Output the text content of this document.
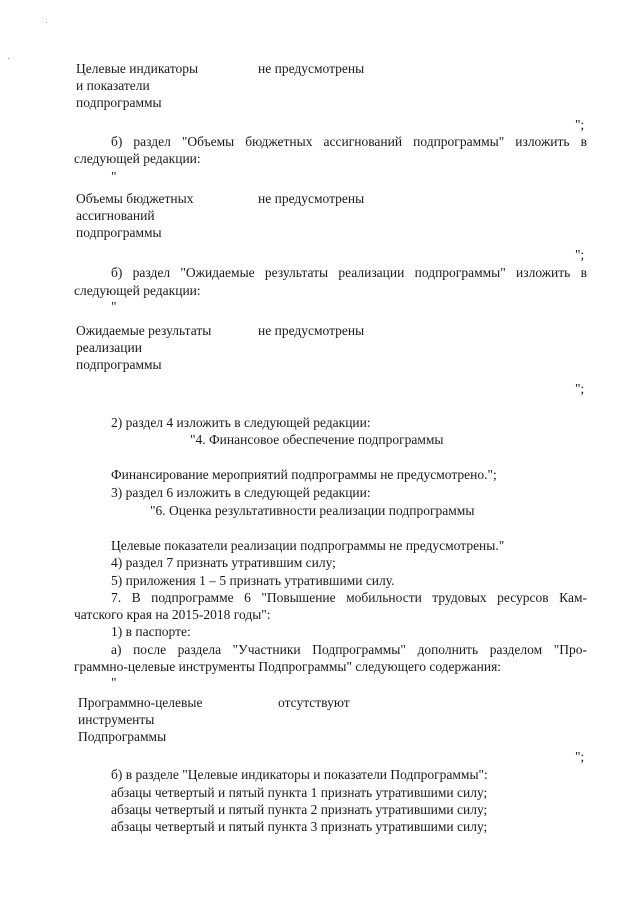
Целевые индикаторы
и показатели
подпрограммы
не предусмотрены
";
б) раздел "Объемы бюджетных ассигнований подпрограммы" изложить в
следующей редакции:
"
Объемы бюджетных
ассигнований
подпрограммы
не предусмотрены
";
б) раздел "Ожидаемые результаты реализации подпрограммы" изложить в
следующей редакции:
"
Ожидаемые результаты
реализации
подпрограммы
не предусмотрены
";
2) раздел 4 изложить в следующей редакции:
"4. Финансовое обеспечение подпрограммы
Финансирование мероприятий подпрограммы не предусмотрено.";
3) раздел 6 изложить в следующей редакции:
"6. Оценка результативности реализации подпрограммы
Целевые показатели реализации подпрограммы не предусмотрены."
4) раздел 7 признать утратившим силу;
5) приложения 1 – 5 признать утратившими силу.
7. В подпрограмме 6 "Повышение мобильности трудовых ресурсов Кам-
чатского края на 2015-2018 годы":
1) в паспорте:
а) после раздела "Участники Подпрограммы" дополнить разделом "Про-
граммно-целевые инструменты Подпрограммы" следующего содержания:
"
Программно-целевые
инструменты
Подпрограммы
отсутствуют
";
б) в разделе "Целевые индикаторы и показатели Подпрограммы":
абзацы четвертый и пятый пункта 1 признать утратившими силу;
абзацы четвертый и пятый пункта 2 признать утратившими силу;
абзацы четвертый и пятый пункта 3 признать утратившими силу;
